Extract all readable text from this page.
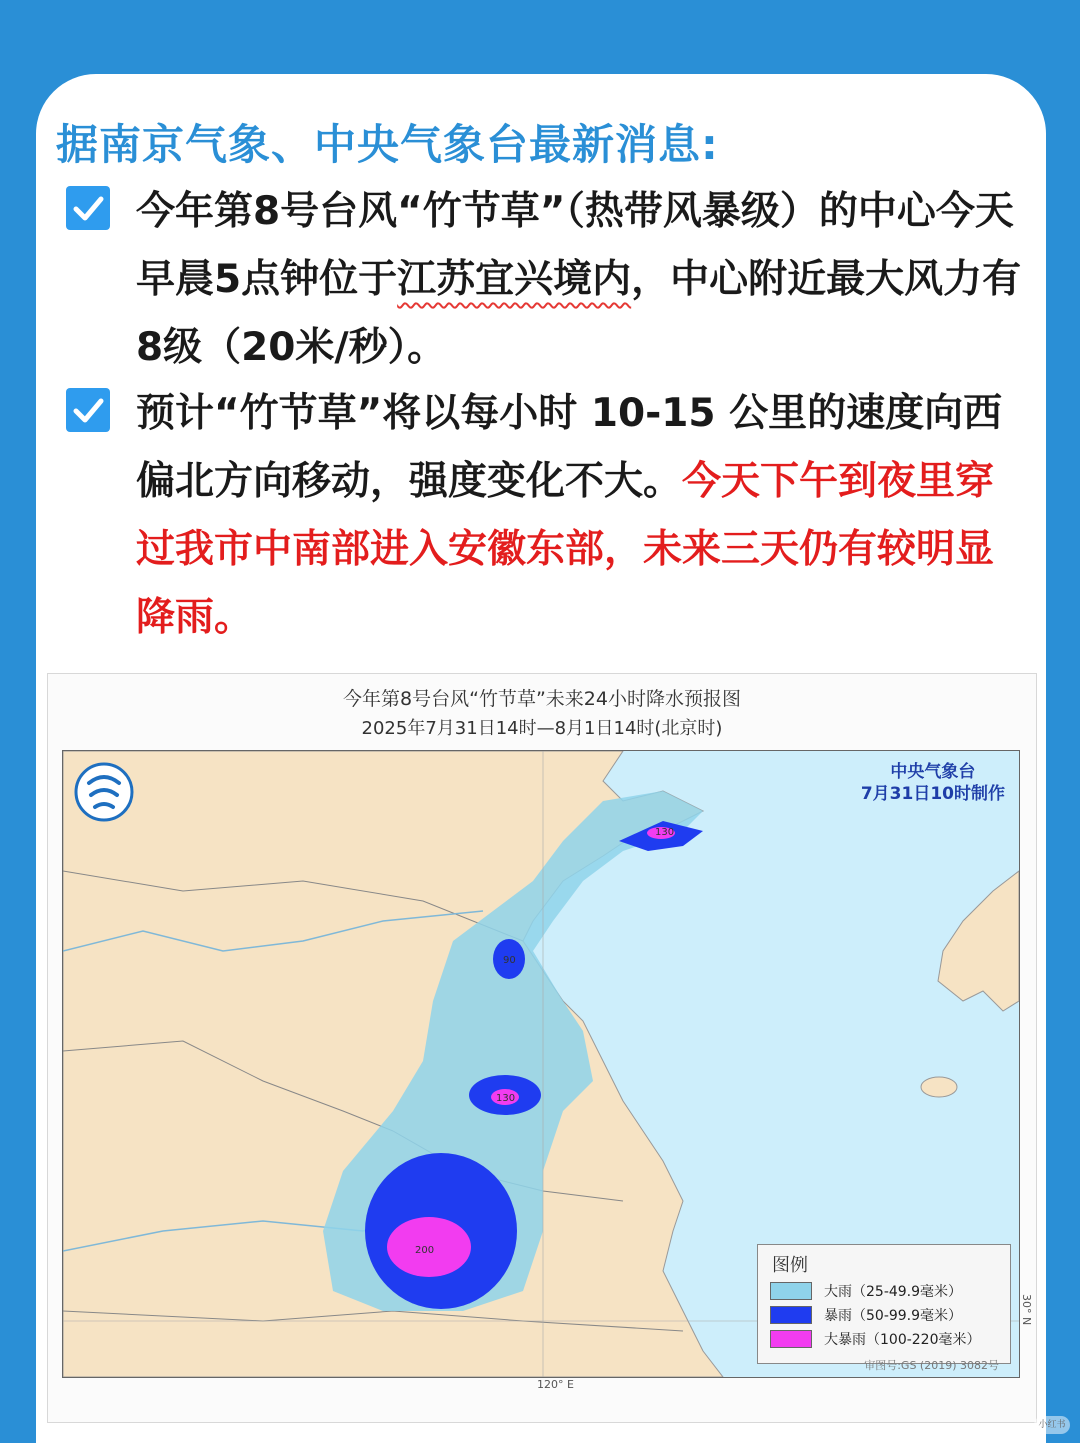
据南京气象、中央气象台最新消息:

今年第8号台风“竹节草”（热带风暴级）的中心今天早晨5点钟位于江苏宜兴境内，中心附近最大风力有8级（20米/秒）。

预计“竹节草”将以每小时 10-15 公里的速度向西偏北方向移动，强度变化不大。今天下午到夜里穿过我市中南部进入安徽东部，未来三天仍有较明显降雨。

今年第8号台风“竹节草”未来24小时降水预报图
2025年7月31日14时—8月1日14时(北京时)
130
90
130
200
中央气象台
7月31日10时制作
图例
大雨（25-49.9毫米）
暴雨（50-99.9毫米）
大暴雨（100-220毫米）
审图号:GS (2019) 3082号
120° E
30° N
小红书
